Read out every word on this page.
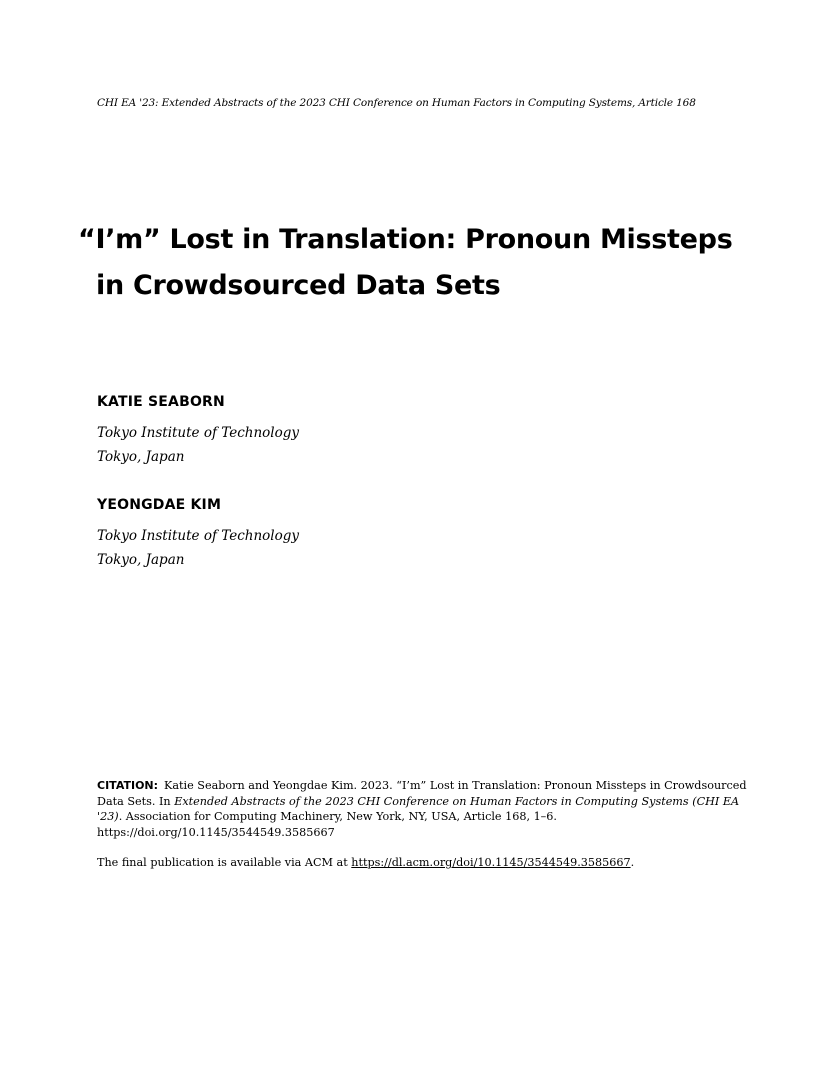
CHI EA '23: Extended Abstracts of the 2023 CHI Conference on Human Factors in Computing Systems, Article 168
“I’m” Lost in Translation: Pronoun Missteps
in Crowdsourced Data Sets
KATIE SEABORN
Tokyo Institute of Technology
Tokyo, Japan
YEONGDAE KIM
Tokyo Institute of Technology
Tokyo, Japan
CITATION: Katie Seaborn and Yeongdae Kim. 2023. “I’m” Lost in Translation: Pronoun Missteps in Crowdsourced Data Sets. In Extended Abstracts of the 2023 CHI Conference on Human Factors in Computing Systems (CHI EA '23). Association for Computing Machinery, New York, NY, USA, Article 168, 1–6. https://doi.org/10.1145/3544549.3585667
The final publication is available via ACM at https://dl.acm.org/doi/10.1145/3544549.3585667.
